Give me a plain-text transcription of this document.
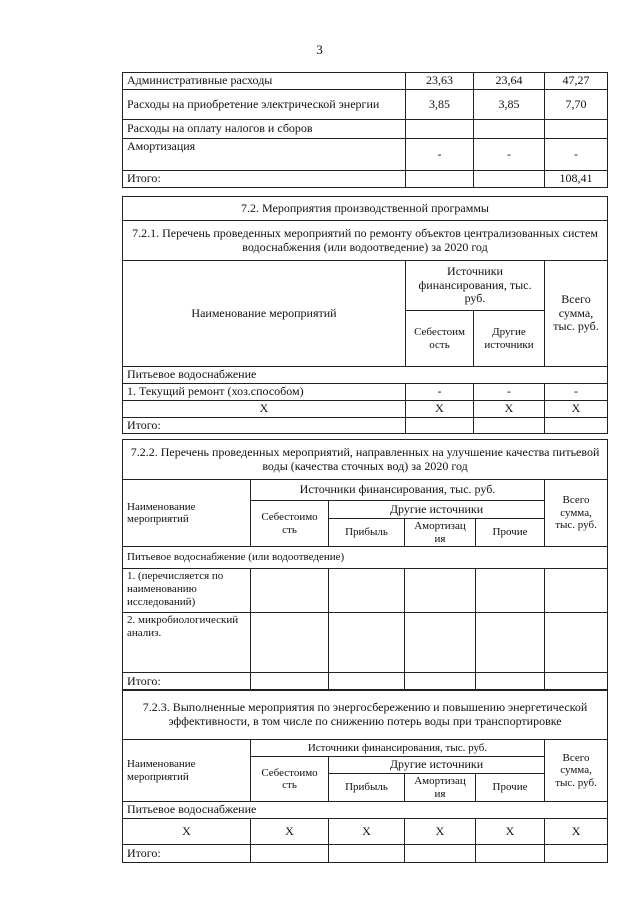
3
Административные расходы	23,63	23,64	47,27
Расходы на приобретение электрической энергии	3,85	3,85	7,70
Расходы на оплату налогов и сборов			
Амортизация	-	-	-
Итого:			108,41
7.2. Мероприятия производственной программы			
7.2.1. Перечень проведенных мероприятий по ремонту объектов централизованных систем водоснабжения (или водоотведение) за 2020 год			
Наименование мероприятий	Источники финансирования, тыс. руб.		Всего сумма, тыс. руб.
	Себестоим ость	Другие источники	
Питьевое водоснабжение			
1. Текущий ремонт (хоз.способом)	-	-	-
X	X	X	X
Итого:			
7.2.2. Перечень проведенных мероприятий, направленных на улучшение качества питьевой воды (качества сточных вод) за 2020 год					
Наименование мероприятий	Источники финансирования, тыс. руб.				Всего сумма, тыс. руб.
	Себестоимо сть	Другие источники			
		Прибыль	Амортизац ия	Прочие	
Питьевое водоснабжение (или водоотведение)					
1. (перечисляется по наименованию исследований)					
2. микробиологический анализ.					
Итого:					
7.2.3. Выполненные мероприятия по энергосбережению и повышению энергетической эффективности, в том числе по снижению потерь воды при транспортировке					
Наименование мероприятий	Источники финансирования, тыс. руб.				Всего сумма, тыс. руб.
	Себестоимо сть	Другие источники			
		Прибыль	Амортизац ия	Прочие	
Питьевое водоснабжение					
X	X	X	X	X	X
Итого:					
